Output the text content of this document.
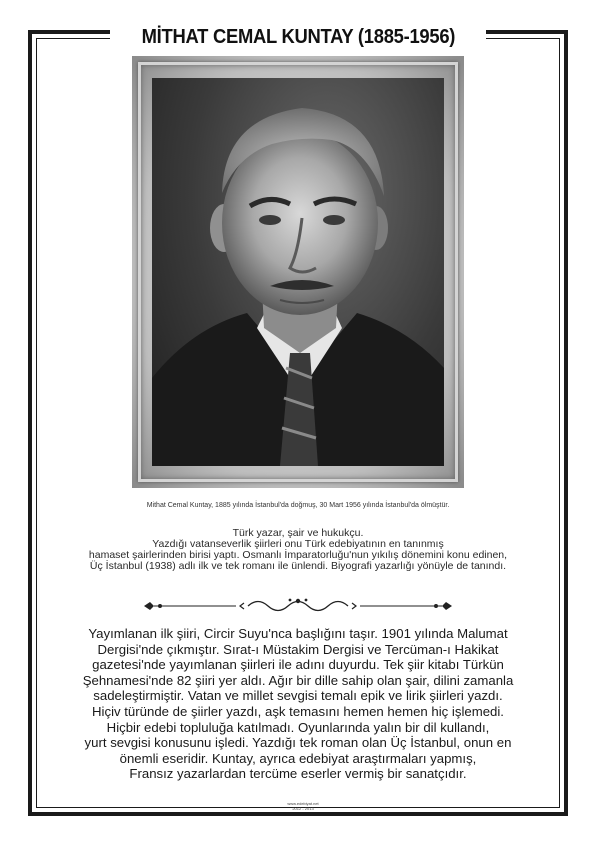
MİTHAT CEMAL KUNTAY (1885-1956)
Mithat Cemal Kuntay, 1885 yılında İstanbul'da doğmuş, 30 Mart 1956 yılında İstanbul'da ölmüştür.
Türk yazar, şair ve hukukçu.
Yazdığı vatanseverlik şiirleri onu Türk edebiyatının en tanınmış
hamaset şairlerinden birisi yaptı. Osmanlı İmparatorluğu'nun yıkılış dönemini konu edinen,
Üç İstanbul (1938) adlı ilk ve tek romanı ile ünlendi. Biyografi yazarlığı yönüyle de tanındı.
Yayımlanan ilk şiiri, Circir Suyu'nca başlığını taşır. 1901 yılında Malumat
Dergisi'nde çıkmıştır. Sırat-ı Müstakim Dergisi ve Tercüman-ı Hakikat
gazetesi'nde yayımlanan şiirleri ile adını duyurdu. Tek şiir kitabı Türkün
Şehnamesi'nde 82 şiiri yer aldı. Ağır bir dille sahip olan şair, dilini zamanla
sadeleştirmiştir. Vatan ve millet sevgisi temalı epik ve lirik şiirleri yazdı.
Hiçiv türünde de şiirler yazdı, aşk temasını hemen hemen hiç işlemedi.
Hiçbir edebi topluluğa katılmadı. Oyunlarında yalın bir dil kullandı,
yurt sevgisi konusunu işledi. Yazdığı tek roman olan Üç İstanbul, onun en
önemli eseridir. Kuntay, ayrıca edebiyat araştırmaları yapmış,
Fransız yazarlardan tercüme eserler vermiş bir sanatçıdır.
www.edebiyat.net
2012 - 2013
